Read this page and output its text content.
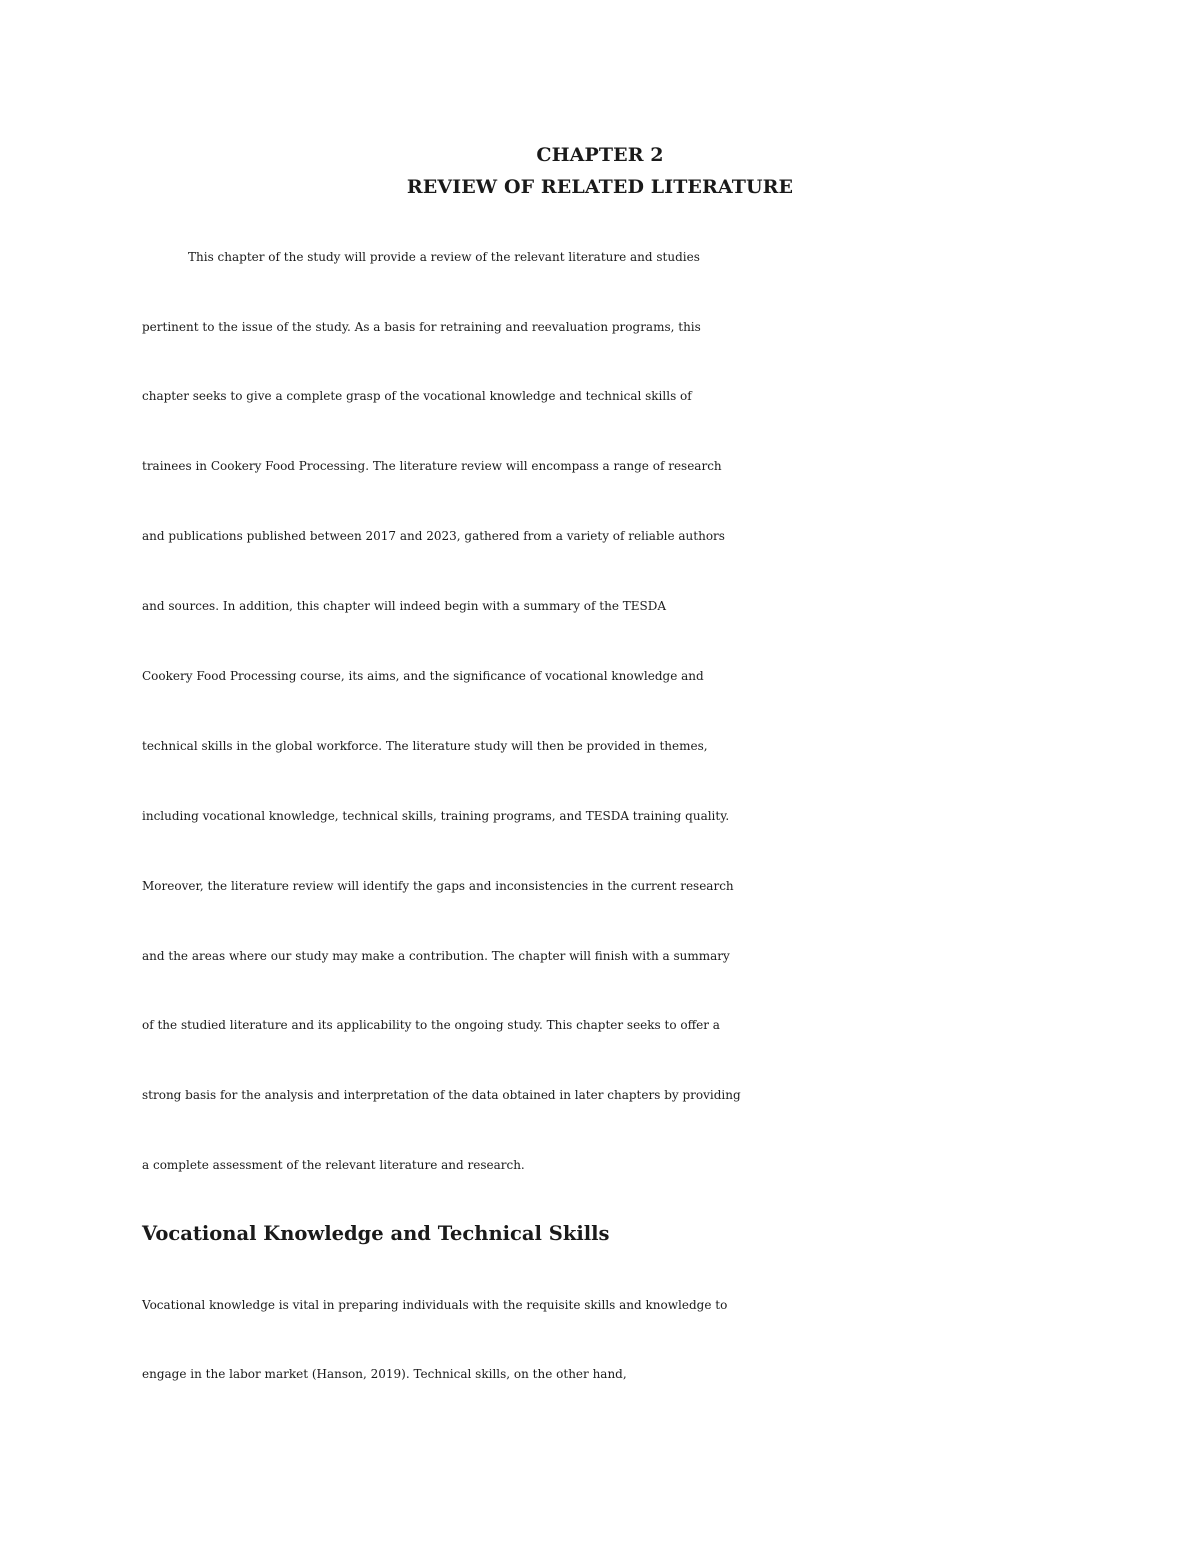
CHAPTER 2
REVIEW OF RELATED LITERATURE
This chapter of the study will provide a review of the relevant literature and studies
pertinent to the issue of the study. As a basis for retraining and reevaluation programs, this
chapter seeks to give a complete grasp of the vocational knowledge and technical skills of
trainees in Cookery Food Processing. The literature review will encompass a range of research
and publications published between 2017 and 2023, gathered from a variety of reliable authors
and sources. In addition, this chapter will indeed begin with a summary of the TESDA
Cookery Food Processing course, its aims, and the significance of vocational knowledge and
technical skills in the global workforce. The literature study will then be provided in themes,
including vocational knowledge, technical skills, training programs, and TESDA training quality.
Moreover, the literature review will identify the gaps and inconsistencies in the current research
and the areas where our study may make a contribution. The chapter will finish with a summary
of the studied literature and its applicability to the ongoing study. This chapter seeks to offer a
strong basis for the analysis and interpretation of the data obtained in later chapters by providing
a complete assessment of the relevant literature and research.
Vocational Knowledge and Technical Skills
Vocational knowledge is vital in preparing individuals with the requisite skills and knowledge to
engage in the labor market (Hanson, 2019). Technical skills, on the other hand,
